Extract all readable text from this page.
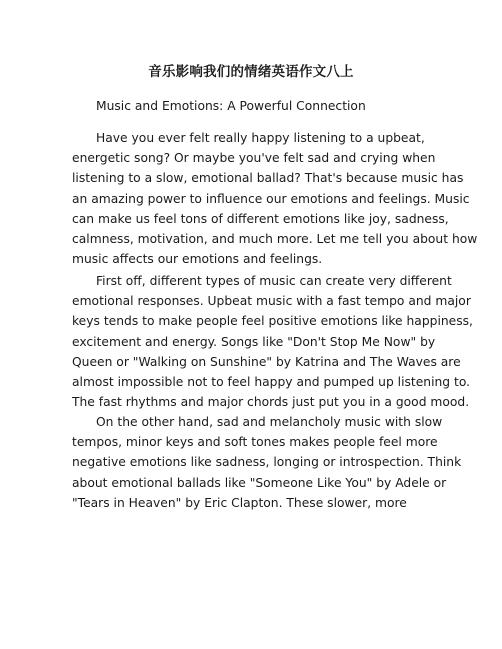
音乐影响我们的情绪英语作文八上
Music and Emotions: A Powerful Connection

Have you ever felt really happy listening to a upbeat,
energetic song? Or maybe you've felt sad and crying when
listening to a slow, emotional ballad? That's because music has
an amazing power to influence our emotions and feelings. Music
can make us feel tons of different emotions like joy, sadness,
calmness, motivation, and much more. Let me tell you about how
music affects our emotions and feelings.

First off, different types of music can create very different
emotional responses. Upbeat music with a fast tempo and major
keys tends to make people feel positive emotions like happiness,
excitement and energy. Songs like "Don't Stop Me Now" by
Queen or "Walking on Sunshine" by Katrina and The Waves are
almost impossible not to feel happy and pumped up listening to.
The fast rhythms and major chords just put you in a good mood.

On the other hand, sad and melancholy music with slow
tempos, minor keys and soft tones makes people feel more
negative emotions like sadness, longing or introspection. Think
about emotional ballads like "Someone Like You" by Adele or
"Tears in Heaven" by Eric Clapton. These slower, more
